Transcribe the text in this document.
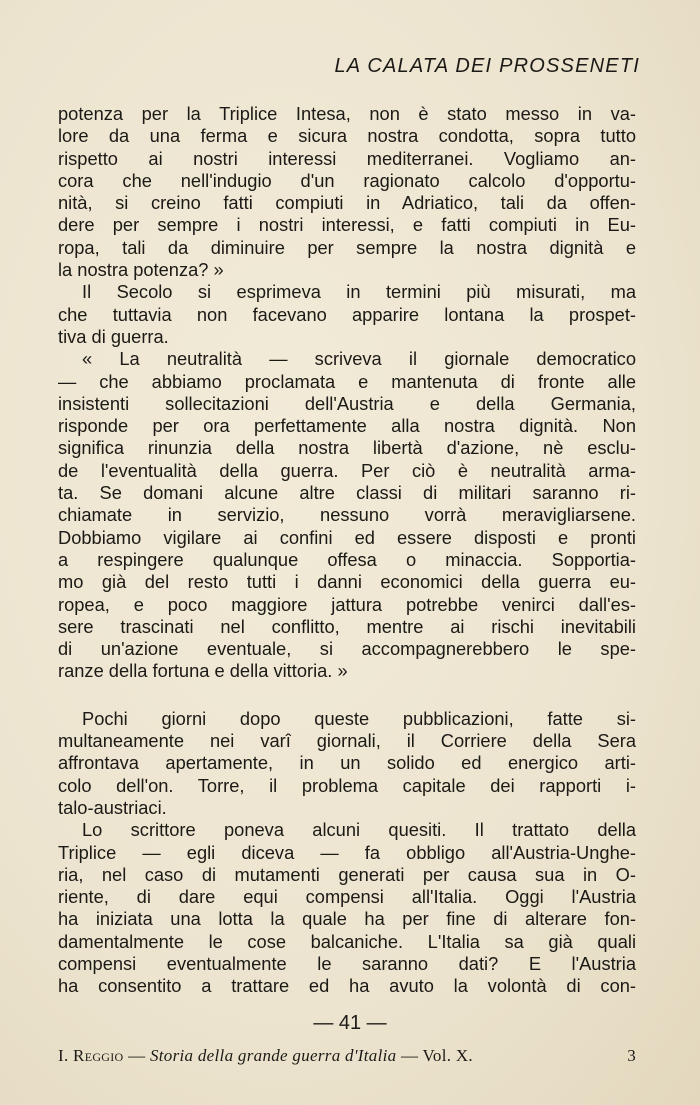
LA CALATA DEI PROSSENETI
potenza per la Triplice Intesa, non è stato messo in va-
lore da una ferma e sicura nostra condotta, sopra tutto
rispetto ai nostri interessi mediterranei. Vogliamo an-
cora che nell'indugio d'un ragionato calcolo d'opportu-
nità, si creino fatti compiuti in Adriatico, tali da offen-
dere per sempre i nostri interessi, e fatti compiuti in Eu-
ropa, tali da diminuire per sempre la nostra dignità e
la nostra potenza? »
Il Secolo si esprimeva in termini più misurati, ma
che tuttavia non facevano apparire lontana la prospet-
tiva di guerra.
« La neutralità — scriveva il giornale democratico
— che abbiamo proclamata e mantenuta di fronte alle
insistenti sollecitazioni dell'Austria e della Germania,
risponde per ora perfettamente alla nostra dignità. Non
significa rinunzia della nostra libertà d'azione, nè esclu-
de l'eventualità della guerra. Per ciò è neutralità arma-
ta. Se domani alcune altre classi di militari saranno ri-
chiamate in servizio, nessuno vorrà meravigliarsene.
Dobbiamo vigilare ai confini ed essere disposti e pronti
a respingere qualunque offesa o minaccia. Sopportia-
mo già del resto tutti i danni economici della guerra eu-
ropea, e poco maggiore jattura potrebbe venirci dall'es-
sere trascinati nel conflitto, mentre ai rischi inevitabili
di un'azione eventuale, si accompagnerebbero le spe-
ranze della fortuna e della vittoria. »
Pochi giorni dopo queste pubblicazioni, fatte si-
multaneamente nei varî giornali, il Corriere della Sera
affrontava apertamente, in un solido ed energico arti-
colo dell'on. Torre, il problema capitale dei rapporti i-
talo-austriaci.
Lo scrittore poneva alcuni quesiti. Il trattato della
Triplice — egli diceva — fa obbligo all'Austria-Unghe-
ria, nel caso di mutamenti generati per causa sua in O-
riente, di dare equi compensi all'Italia. Oggi l'Austria
ha iniziata una lotta la quale ha per fine di alterare fon-
damentalmente le cose balcaniche. L'Italia sa già quali
compensi eventualmente le saranno dati? E l'Austria
ha consentito a trattare ed ha avuto la volontà di con-
— 41 —
I. Reggio — Storia della grande guerra d'Italia — Vol. X.	3
